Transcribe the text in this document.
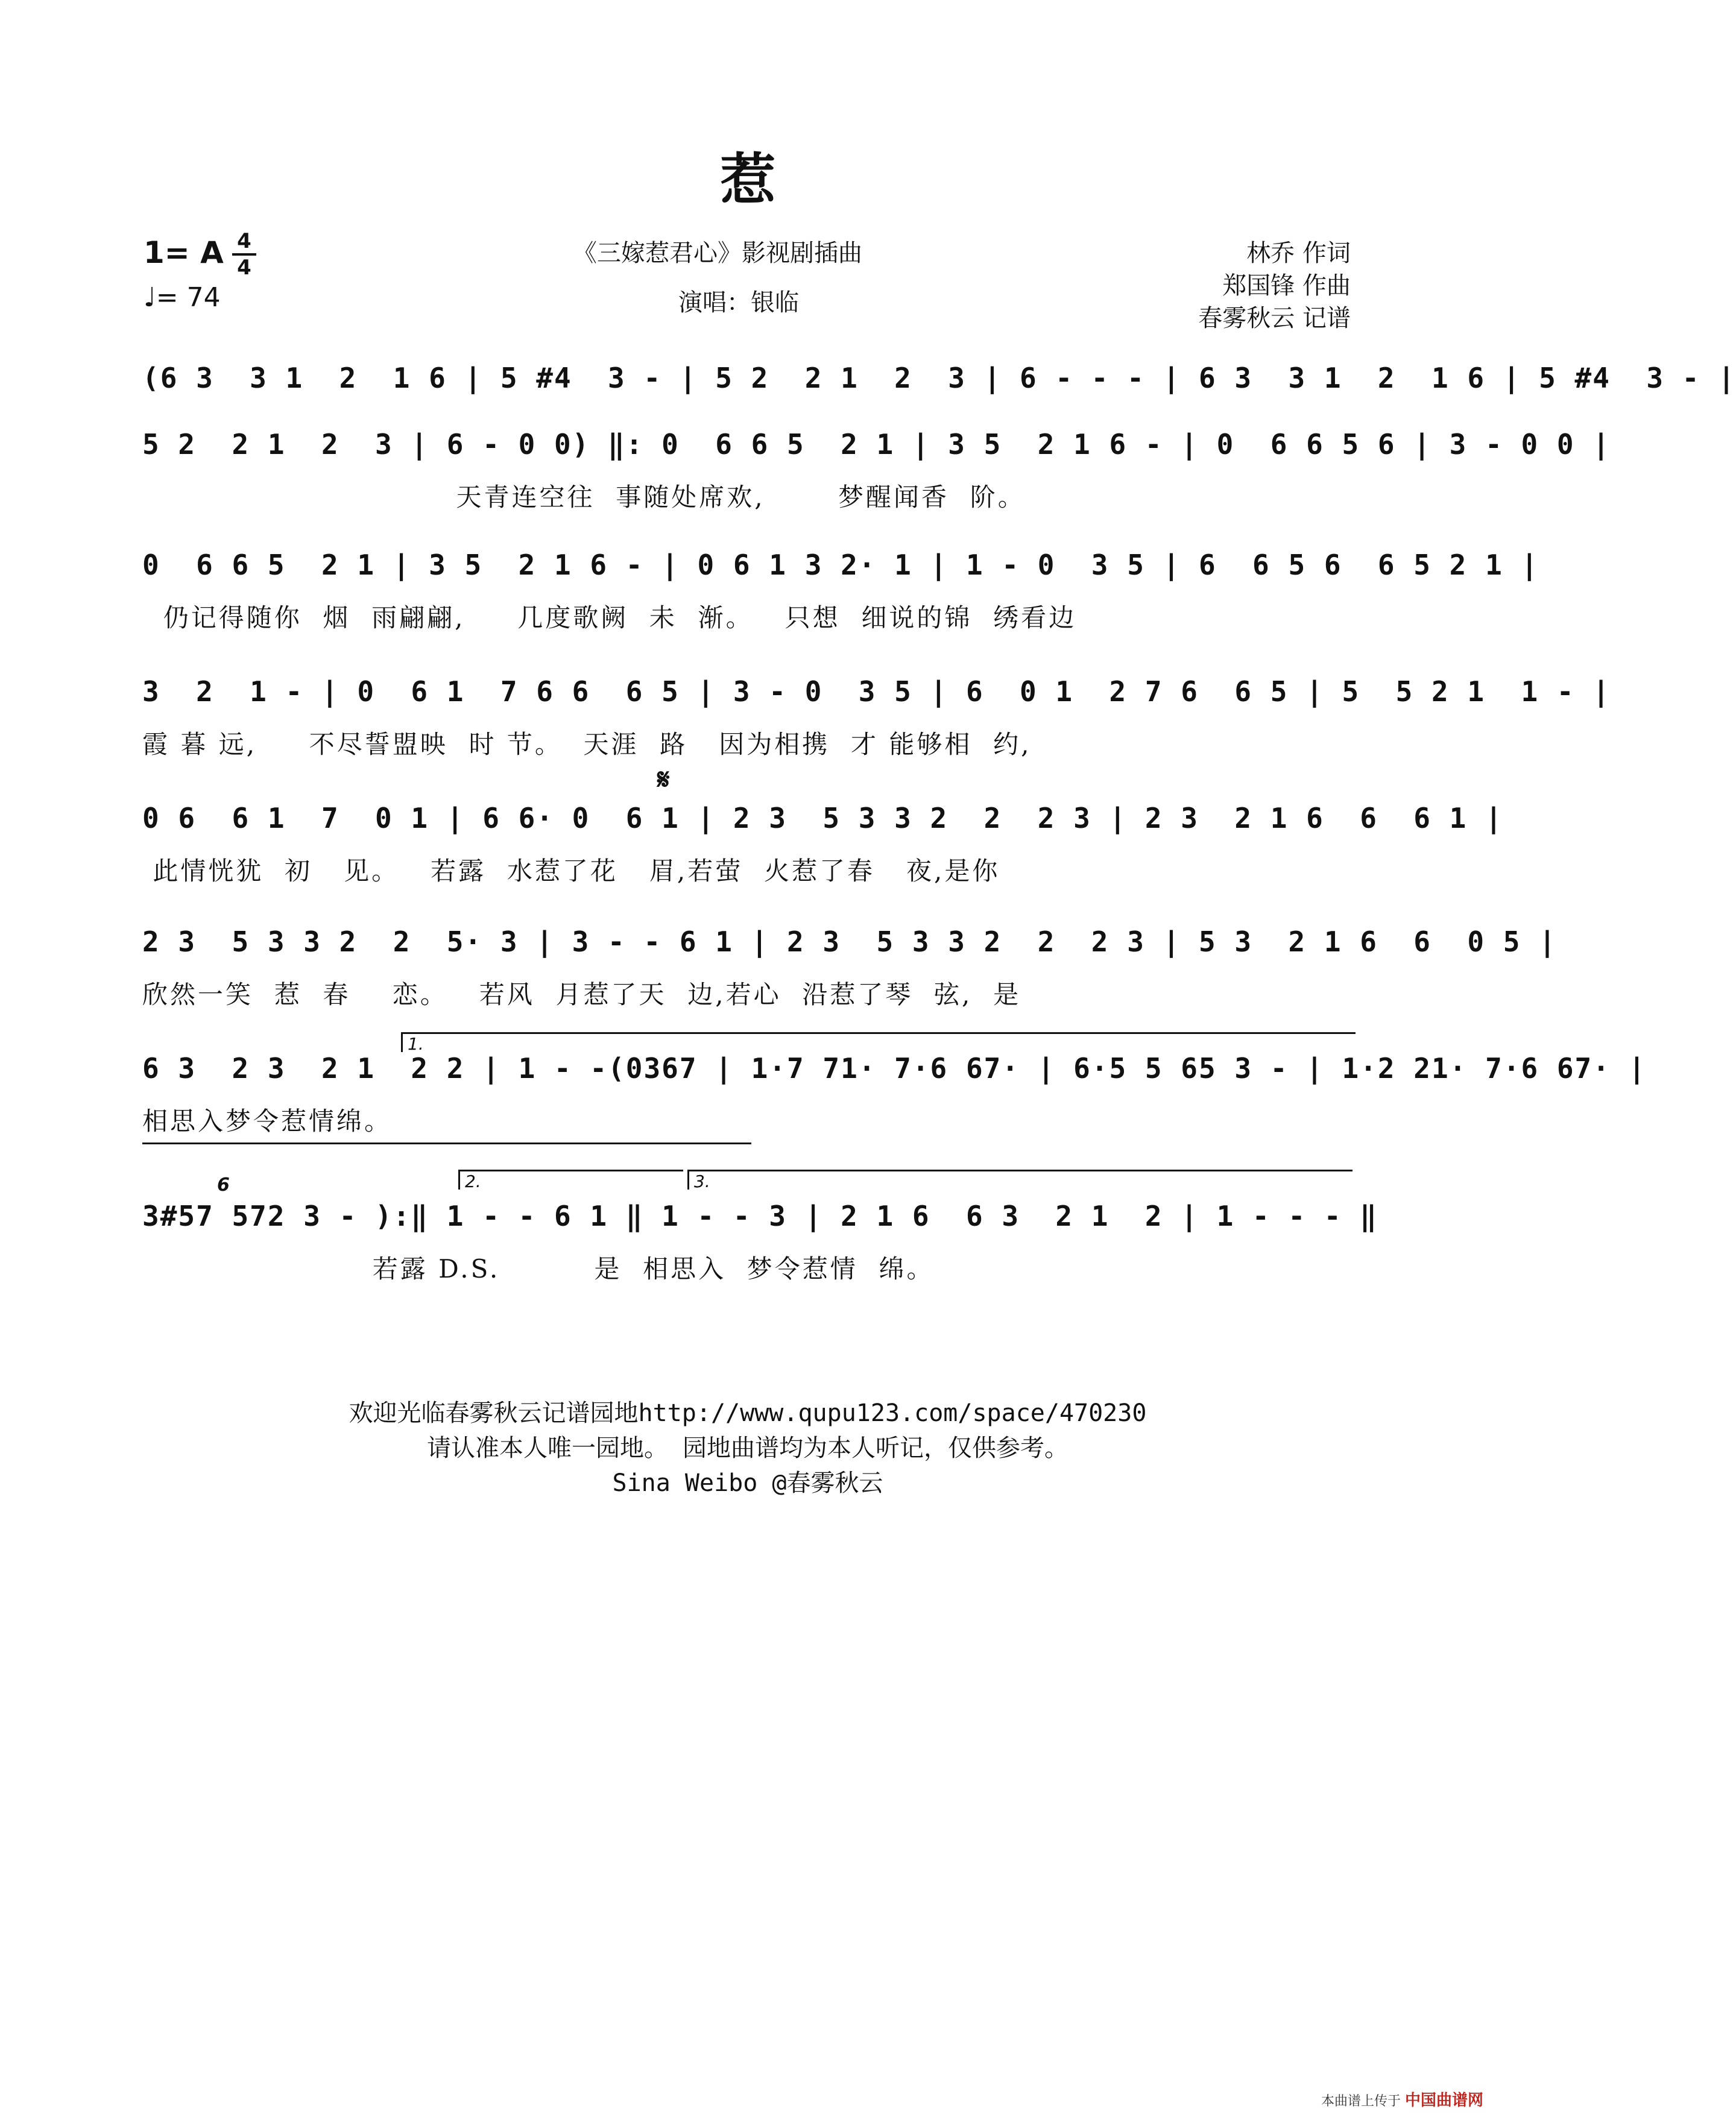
惹
1= A 4
4
♩= 74
《三嫁惹君心》影视剧插曲
演唱：银临
林乔 作词
郑国锋 作曲
春雾秋云 记谱
𝄋
(6 3  3 1  2  1 6 | 5 #4  3 - | 5 2  2 1  2  3 | 6 - - - | 6 3  3 1  2  1 6 | 5 #4  3 - |
5 2  2 1  2  3 | 6 - 0 0) ‖: 0  6 6 5  2 1 | 3 5  2 1 6 - | 0  6 6 5 6 | 3 - 0 0 |
天青连空往  事随处席欢,       梦醒闻香  阶。
0  6 6 5  2 1 | 3 5  2 1 6 - | 0 6 1 3 2· 1 | 1 - 0  3 5 | 6  6 5 6  6 5 2 1 |
仍记得随你  烟  雨翩翩,     几度歌阙  未  渐。   只想  细说的锦  绣看边
3  2  1 - | 0  6 1  7 6 6  6 5 | 3 - 0  3 5 | 6  0 1  2 7 6  6 5 | 5  5 2 1  1 - |
霞 暮 远,     不尽誓盟映  时 节。  天涯  路   因为相携  才 能够相  约,
0 6  6 1  7  0 1 | 6 6· 0  6 1 | 2 3  5 3 3 2  2  2 3 | 2 3  2 1 6  6  6 1 |
此情恍犹  初   见。   若露  水惹了花   眉,若萤  火惹了春   夜,是你
2 3  5 3 3 2  2  5· 3 | 3 - - 6 1 | 2 3  5 3 3 2  2  2 3 | 5 3  2 1 6  6  0 5 |
欣然一笑  惹  春    恋。   若风  月惹了天  边,若心  沿惹了琴  弦,  是
1.
6 3  2 3  2 1  2 2 | 1 - -(0367 | 1·7 71· 7·6 67· | 6·5 5 65 3 - | 1·2 21· 7·6 67· |
相思入梦令惹情绵。
6	2.	3.
3#57 572 3 - ):‖ 1 - - 6 1 ‖ 1 - - 3 | 2 1 6  6 3  2 1  2 | 1 - - - ‖
若露 D.S.         是  相思入  梦令惹情  绵。
欢迎光临春雾秋云记谱园地http://www.qupu123.com/space/470230
请认准本人唯一园地。 园地曲谱均为本人听记，仅供参考。
Sina Weibo @春雾秋云
本曲谱上传于 中国曲谱网
